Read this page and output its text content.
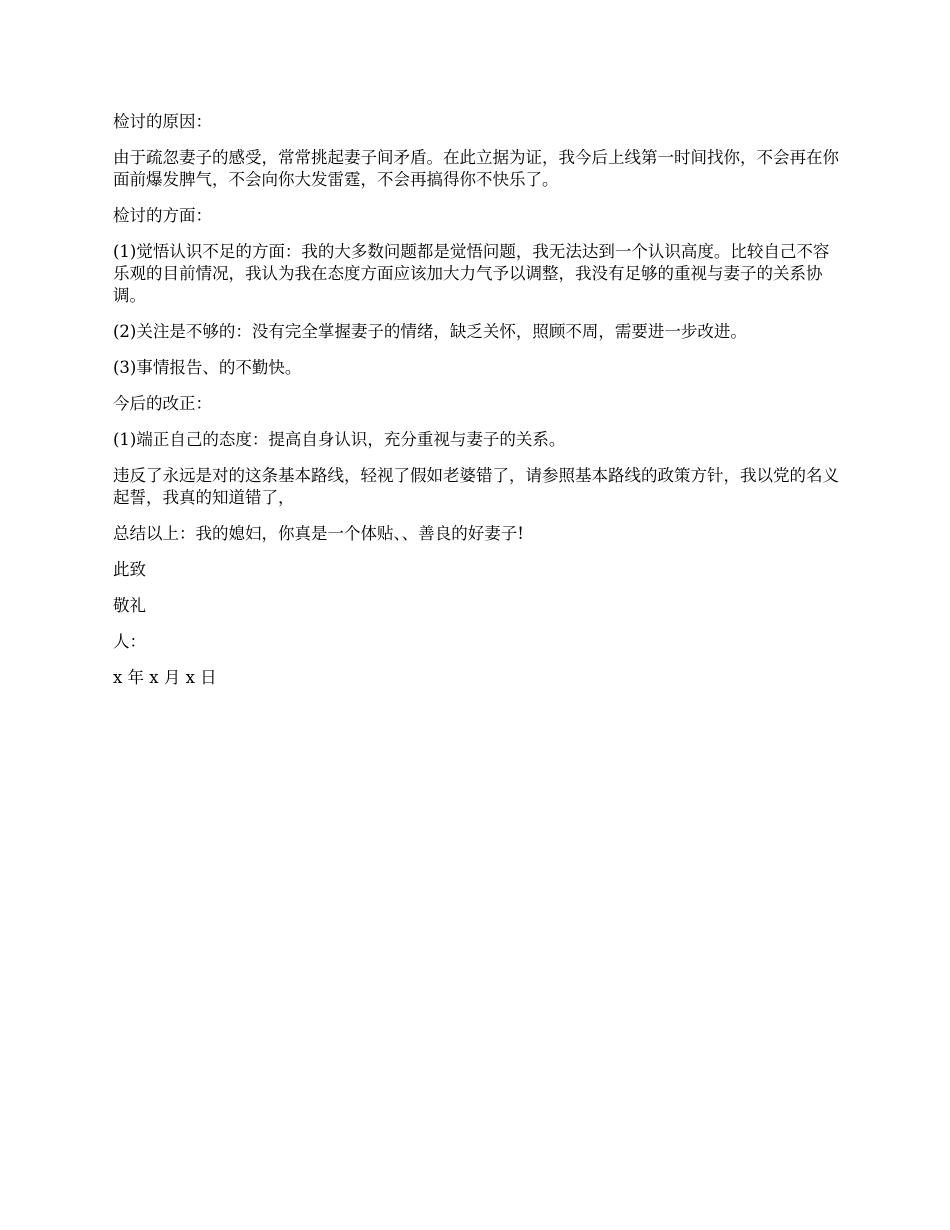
检讨的原因：

由于疏忽妻子的感受，常常挑起妻子间矛盾。在此立据为证，我今后上线第一时间找你，不会再在你面前爆发脾气，不会向你大发雷霆，不会再搞得你不快乐了。

检讨的方面：

(1)觉悟认识不足的方面：我的大多数问题都是觉悟问题，我无法达到一个认识高度。比较自己不容乐观的目前情况，我认为我在态度方面应该加大力气予以调整，我没有足够的重视与妻子的关系协调。

(2)关注是不够的：没有完全掌握妻子的情绪，缺乏关怀，照顾不周，需要进一步改进。

(3)事情报告、的不勤快。

今后的改正：

(1)端正自己的态度：提高自身认识，充分重视与妻子的关系。

违反了永远是对的这条基本路线，轻视了假如老婆错了，请参照基本路线的政策方针，我以党的名义起誓，我真的知道错了，

总结以上：我的媳妇，你真是一个体贴、、善良的好妻子!

此致

敬礼

人：

x 年 x 月 x 日
